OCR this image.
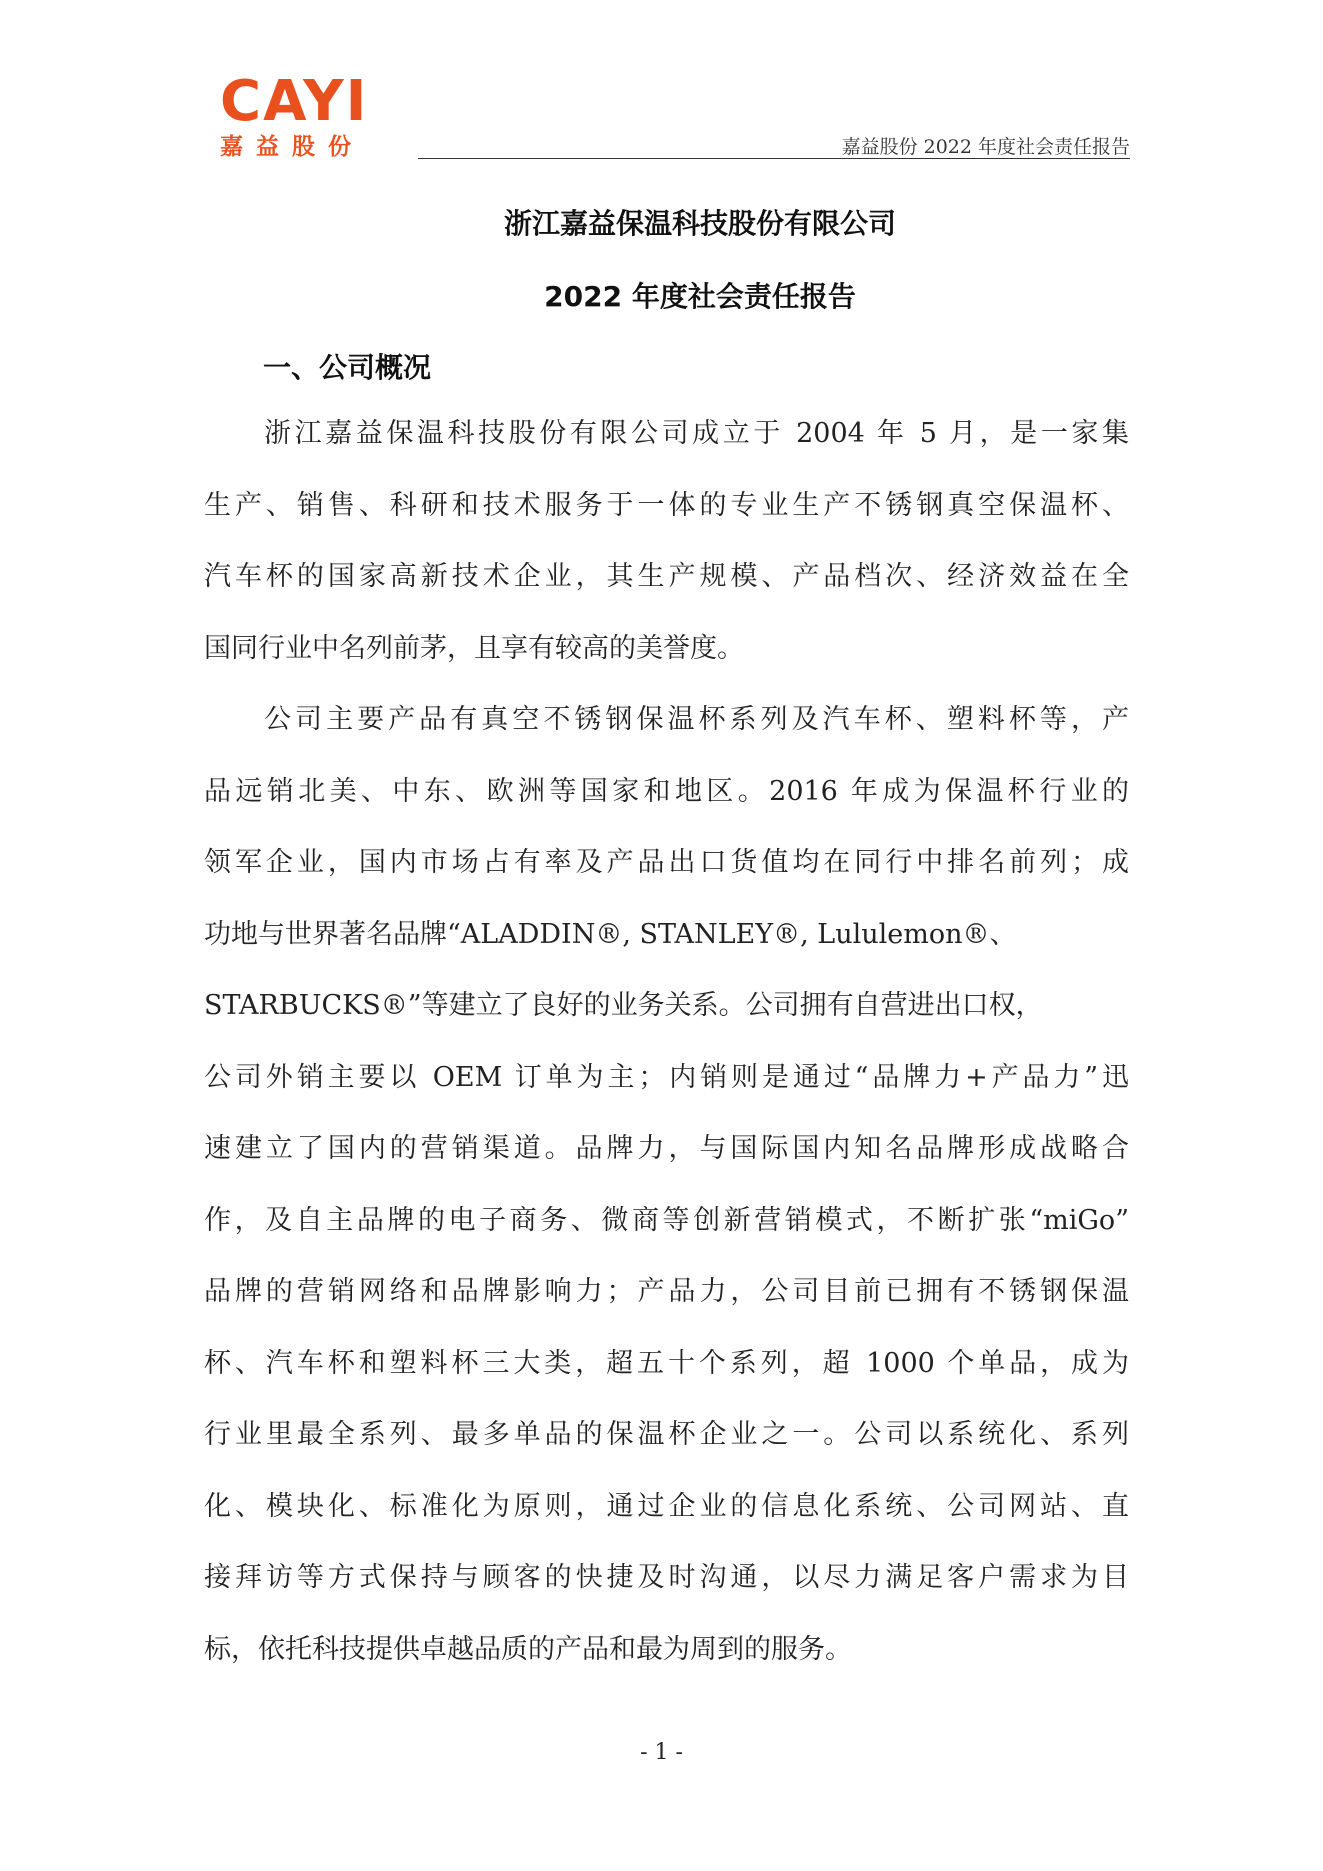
CAYI
嘉益股份	嘉益股份 2022 年度社会责任报告
浙江嘉益保温科技股份有限公司
2022 年度社会责任报告
一、公司概况

浙江嘉益保温科技股份有限公司成立于 2004 年 5 月，是一家集
生产、销售、科研和技术服务于一体的专业生产不锈钢真空保温杯、
汽车杯的国家高新技术企业，其生产规模、产品档次、经济效益在全
国同行业中名列前茅，且享有较高的美誉度。

公司主要产品有真空不锈钢保温杯系列及汽车杯、塑料杯等，产
品远销北美、中东、欧洲等国家和地区。2016 年成为保温杯行业的
领军企业，国内市场占有率及产品出口货值均在同行中排名前列；成
功地与世界著名品牌“ALADDIN®, STANLEY®, Lululemon®、
STARBUCKS®”等建立了良好的业务关系。公司拥有自营进出口权，
公司外销主要以 OEM 订单为主；内销则是通过“品牌力+产品力”迅
速建立了国内的营销渠道。品牌力，与国际国内知名品牌形成战略合
作，及自主品牌的电子商务、微商等创新营销模式，不断扩张“miGo”
品牌的营销网络和品牌影响力；产品力，公司目前已拥有不锈钢保温
杯、汽车杯和塑料杯三大类，超五十个系列，超 1000 个单品，成为
行业里最全系列、最多单品的保温杯企业之一。公司以系统化、系列
化、模块化、标准化为原则，通过企业的信息化系统、公司网站、直
接拜访等方式保持与顾客的快捷及时沟通，以尽力满足客户需求为目
标，依托科技提供卓越品质的产品和最为周到的服务。

- 1 -
